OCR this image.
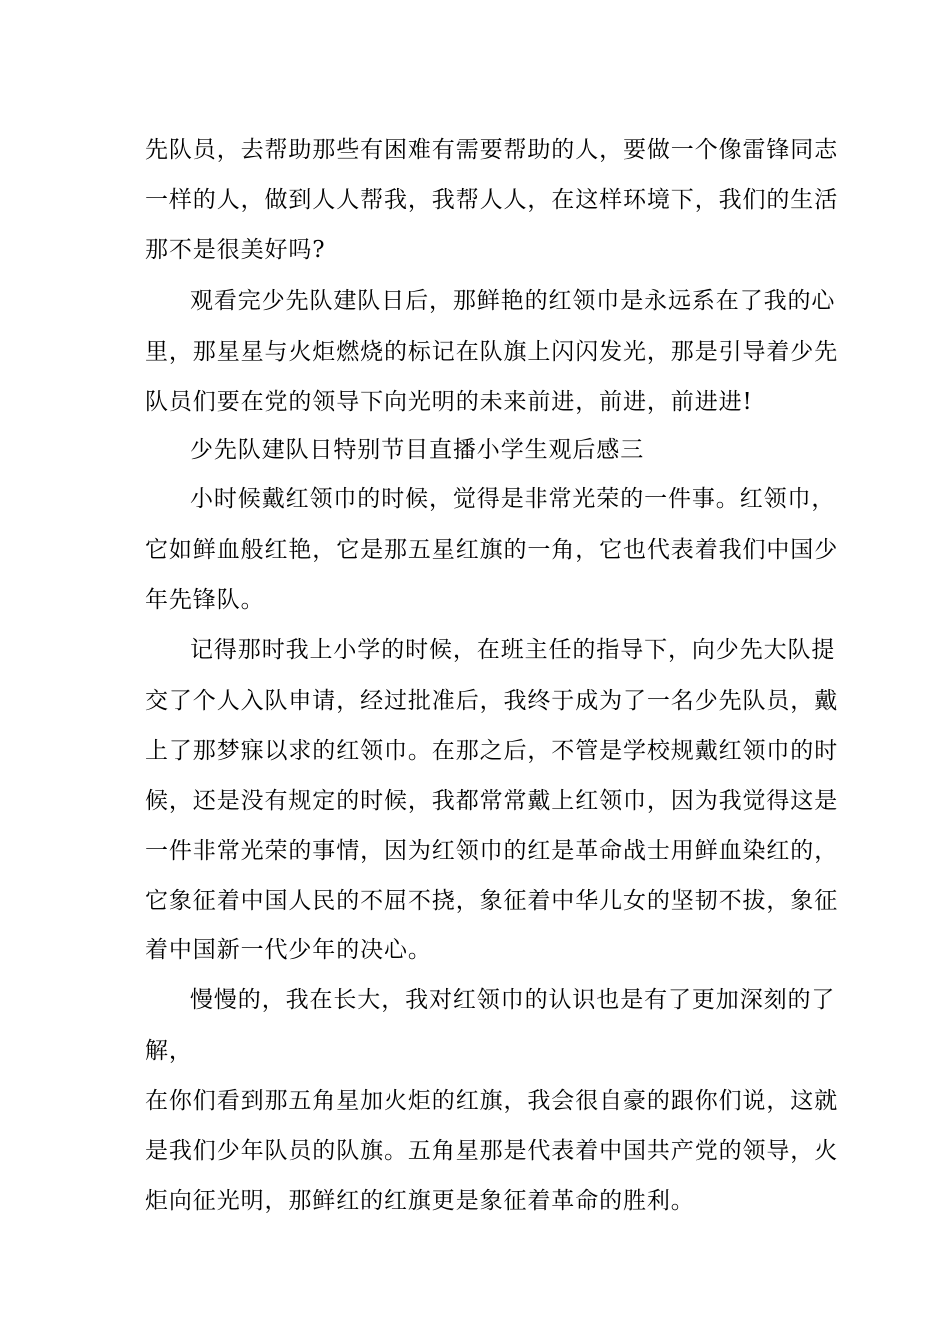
先队员，去帮助那些有困难有需要帮助的人，要做一个像雷锋同志

一样的人，做到人人帮我，我帮人人，在这样环境下，我们的生活

那不是很美好吗?

观看完少先队建队日后，那鲜艳的红领巾是永远系在了我的心

里，那星星与火炬燃烧的标记在队旗上闪闪发光，那是引导着少先

队员们要在党的领导下向光明的未来前进，前进，前进进!

少先队建队日特别节目直播小学生观后感三

小时候戴红领巾的时候，觉得是非常光荣的一件事。红领巾，

它如鲜血般红艳，它是那五星红旗的一角，它也代表着我们中国少

年先锋队。

记得那时我上小学的时候，在班主任的指导下，向少先大队提

交了个人入队申请，经过批准后，我终于成为了一名少先队员，戴

上了那梦寐以求的红领巾。在那之后，不管是学校规戴红领巾的时

候，还是没有规定的时候，我都常常戴上红领巾，因为我觉得这是

一件非常光荣的事情，因为红领巾的红是革命战士用鲜血染红的，

它象征着中国人民的不屈不挠，象征着中华儿女的坚韧不拔，象征

着中国新一代少年的决心。

慢慢的，我在长大，我对红领巾的认识也是有了更加深刻的了

解，

在你们看到那五角星加火炬的红旗，我会很自豪的跟你们说，这就

是我们少年队员的队旗。五角星那是代表着中国共产党的领导，火

炬向征光明，那鲜红的红旗更是象征着革命的胜利。
